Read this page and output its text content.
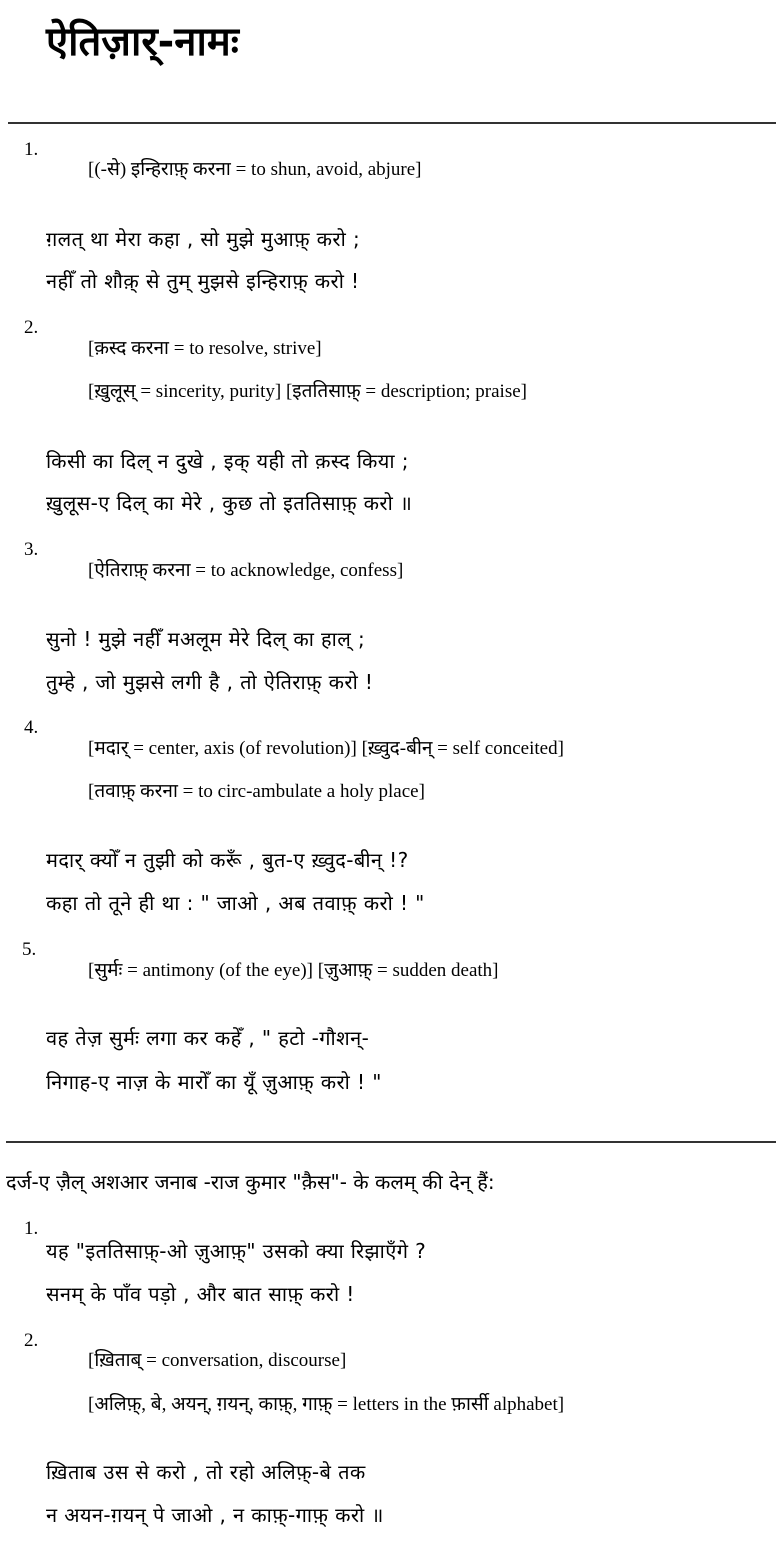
ऐतिज़ार्-नामः
1.
[(-से) इन्हिराफ़् करना = to shun, avoid, abjure]
ग़लत् था मेरा कहा , सो मुझे मुआफ़् करो ;
नहीँ तो शौक़् से तुम् मुझसे इन्हिराफ़् करो !
2.
[क़स्द करना = to resolve, strive]
[ख़ुलूस् = sincerity, purity] [इततिसाफ़् = description; praise]
किसी का दिल् न दुखे , इक् यही तो क़स्द किया ;
ख़ुलूस-ए दिल् का मेरे , कुछ तो इततिसाफ़् करो ॥
3.
[ऐतिराफ़् करना = to acknowledge, confess]
सुनो ! मुझे नहीँ मअलूम मेरे दिल् का हाल् ;
तुम्हे , जो मुझसे लगी है , तो ऐतिराफ़् करो !
4.
[मदार् = center, axis (of revolution)] [ख़्वुद-बीन् = self conceited]
[तवाफ़् करना = to circ-ambulate a holy place]
मदार् क्योँ न तुझी को करूँ , बुत-ए ख़्वुद-बीन् !?
कहा तो तूने ही था : " जाओ , अब तवाफ़् करो ! "
5.
[सुर्मः = antimony (of the eye)] [ज़ुआफ़् = sudden death]
वह तेज़ सुर्मः लगा कर कहेँ , " हटो -गौशन्-
निगाह-ए नाज़ के मारोँ का यूँ ज़ुआफ़् करो ! "
दर्ज-ए ज़ैल् अशआर जनाब -राज कुमार "क़ैस"- के कलम् की देन् हैं:
1.
यह "इततिसाफ़्-ओ ज़ुआफ़्" उसको क्या रिझाएँगे ?
सनम् के पाँव पड़ो , और बात साफ़् करो !
2.
[ख़िताब् = conversation, discourse]
[अलिफ़्, बे, अयन्, ग़यन्, काफ़्, गाफ़् = letters in the फ़ार्सी alphabet]
ख़िताब उस से करो , तो रहो अलिफ़्-बे तक
न अयन-ग़यन् पे जाओ , न काफ़्-गाफ़् करो ॥
